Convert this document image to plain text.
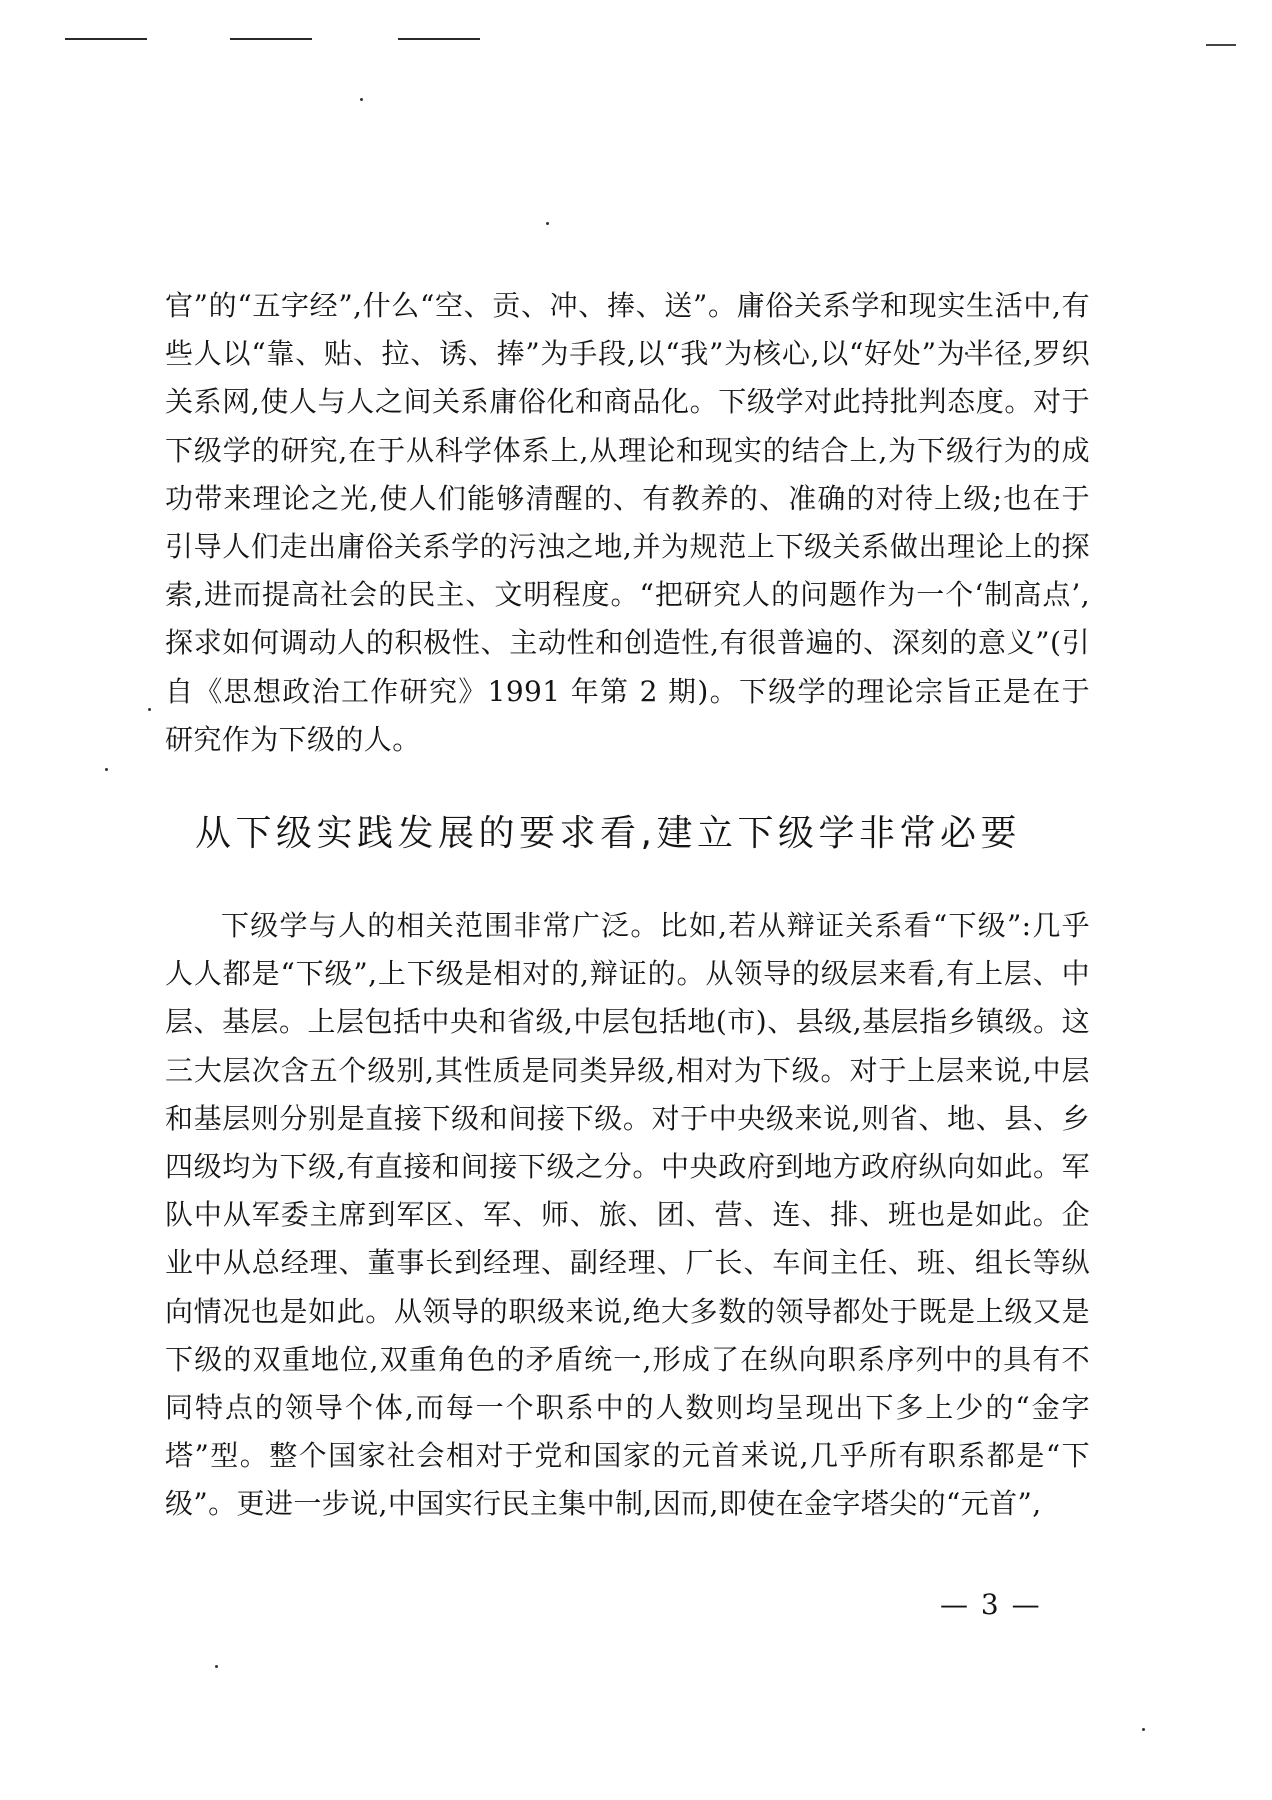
官”的“五字经”,什么“空、贡、冲、捧、送”。庸俗关系学和现实生活中,有些人以“靠、贴、拉、诱、捧”为手段,以“我”为核心,以“好处”为半径,罗织关系网,使人与人之间关系庸俗化和商品化。下级学对此持批判态度。对于下级学的研究,在于从科学体系上,从理论和现实的结合上,为下级行为的成功带来理论之光,使人们能够清醒的、有教养的、准确的对待上级;也在于引导人们走出庸俗关系学的污浊之地,并为规范上下级关系做出理论上的探索,进而提高社会的民主、文明程度。“把研究人的问题作为一个‘制高点’,探求如何调动人的积极性、主动性和创造性,有很普遍的、深刻的意义”(引自《思想政治工作研究》1991 年第 2 期)。下级学的理论宗旨正是在于研究作为下级的人。

从下级实践发展的要求看,建立下级学非常必要

下级学与人的相关范围非常广泛。比如,若从辩证关系看“下级”:几乎人人都是“下级”,上下级是相对的,辩证的。从领导的级层来看,有上层、中层、基层。上层包括中央和省级,中层包括地(市)、县级,基层指乡镇级。这三大层次含五个级别,其性质是同类异级,相对为下级。对于上层来说,中层和基层则分别是直接下级和间接下级。对于中央级来说,则省、地、县、乡四级均为下级,有直接和间接下级之分。中央政府到地方政府纵向如此。军队中从军委主席到军区、军、师、旅、团、营、连、排、班也是如此。企业中从总经理、董事长到经理、副经理、厂长、车间主任、班、组长等纵向情况也是如此。从领导的职级来说,绝大多数的领导都处于既是上级又是下级的双重地位,双重角色的矛盾统一,形成了在纵向职系序列中的具有不同特点的领导个体,而每一个职系中的人数则均呈现出下多上少的“金字塔”型。整个国家社会相对于党和国家的元首来说,几乎所有职系都是“下级”。更进一步说,中国实行民主集中制,因而,即使在金字塔尖的“元首”,

— 3 —
